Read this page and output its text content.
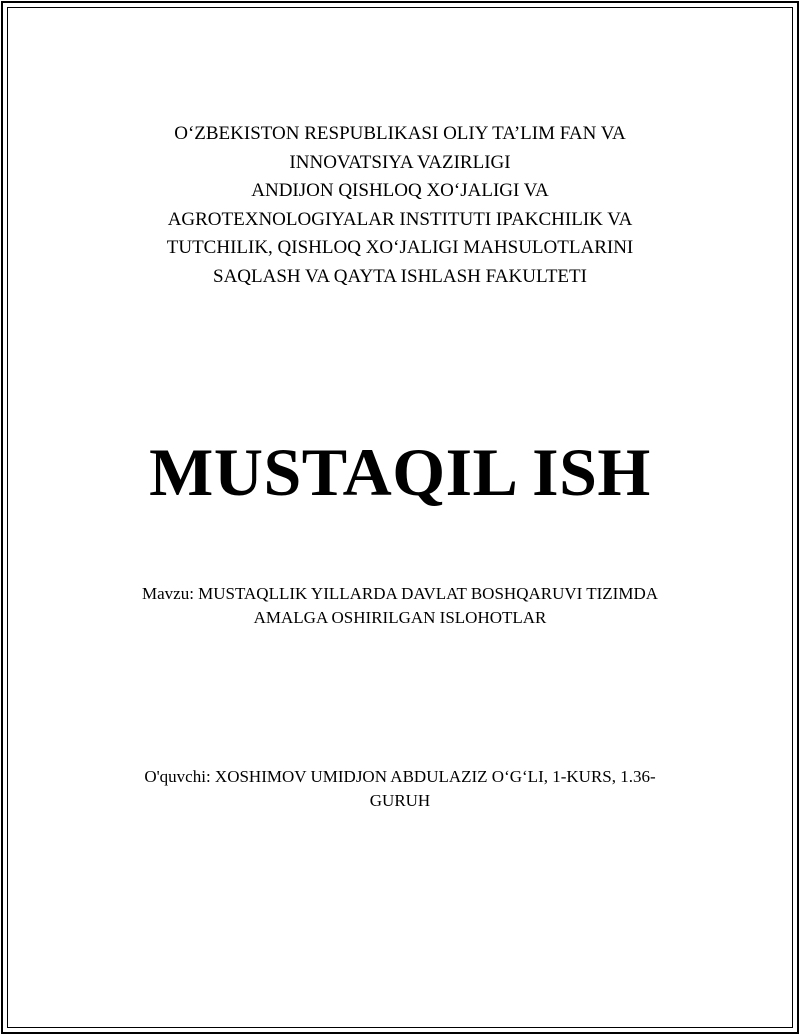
O‘ZBEKISTON RESPUBLIKASI OLIY TA’LIM FAN VA
INNOVATSIYA VAZIRLIGI
ANDIJON QISHLOQ XO‘JALIGI VA
AGROTEXNOLOGIYALAR INSTITUTI IPAKCHILIK VA
TUTCHILIK, QISHLOQ XO‘JALIGI MAHSULOTLARINI
SAQLASH VA QAYTA ISHLASH FAKULTETI
MUSTAQIL ISH
Mavzu: MUSTAQLLIK YILLARDA DAVLAT BOSHQARUVI TIZIMDA
AMALGA OSHIRILGAN ISLOHOTLAR
O'quvchi: XOSHIMOV UMIDJON ABDULAZIZ O‘G‘LI, 1-KURS, 1.36-
GURUH
